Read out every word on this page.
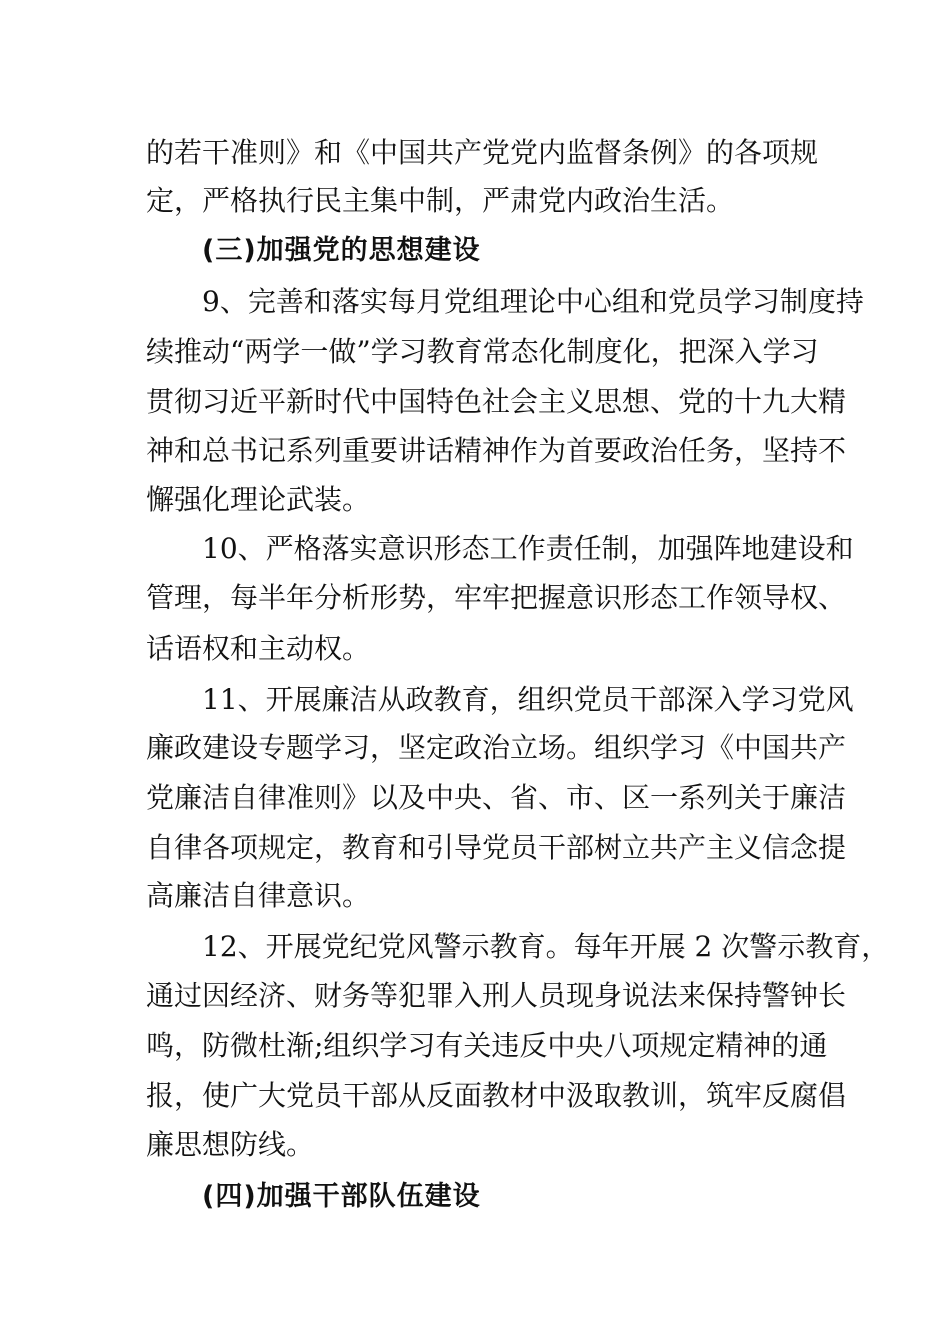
的若干准则》和《中国共产党党内监督条例》的各项规
定，严格执行民主集中制，严肃党内政治生活。
(三)加强党的思想建设
9、完善和落实每月党组理论中心组和党员学习制度持
续推动“两学一做”学习教育常态化制度化，把深入学习
贯彻习近平新时代中国特色社会主义思想、党的十九大精
神和总书记系列重要讲话精神作为首要政治任务，坚持不
懈强化理论武装。
10、严格落实意识形态工作责任制，加强阵地建设和
管理，每半年分析形势，牢牢把握意识形态工作领导权、
话语权和主动权。
11、开展廉洁从政教育，组织党员干部深入学习党风
廉政建设专题学习，坚定政治立场。组织学习《中国共产
党廉洁自律准则》以及中央、省、市、区一系列关于廉洁
自律各项规定，教育和引导党员干部树立共产主义信念提
高廉洁自律意识。
12、开展党纪党风警示教育。每年开展 2 次警示教育，
通过因经济、财务等犯罪入刑人员现身说法来保持警钟长
鸣，防微杜渐;组织学习有关违反中央八项规定精神的通
报，使广大党员干部从反面教材中汲取教训，筑牢反腐倡
廉思想防线。
(四)加强干部队伍建设
